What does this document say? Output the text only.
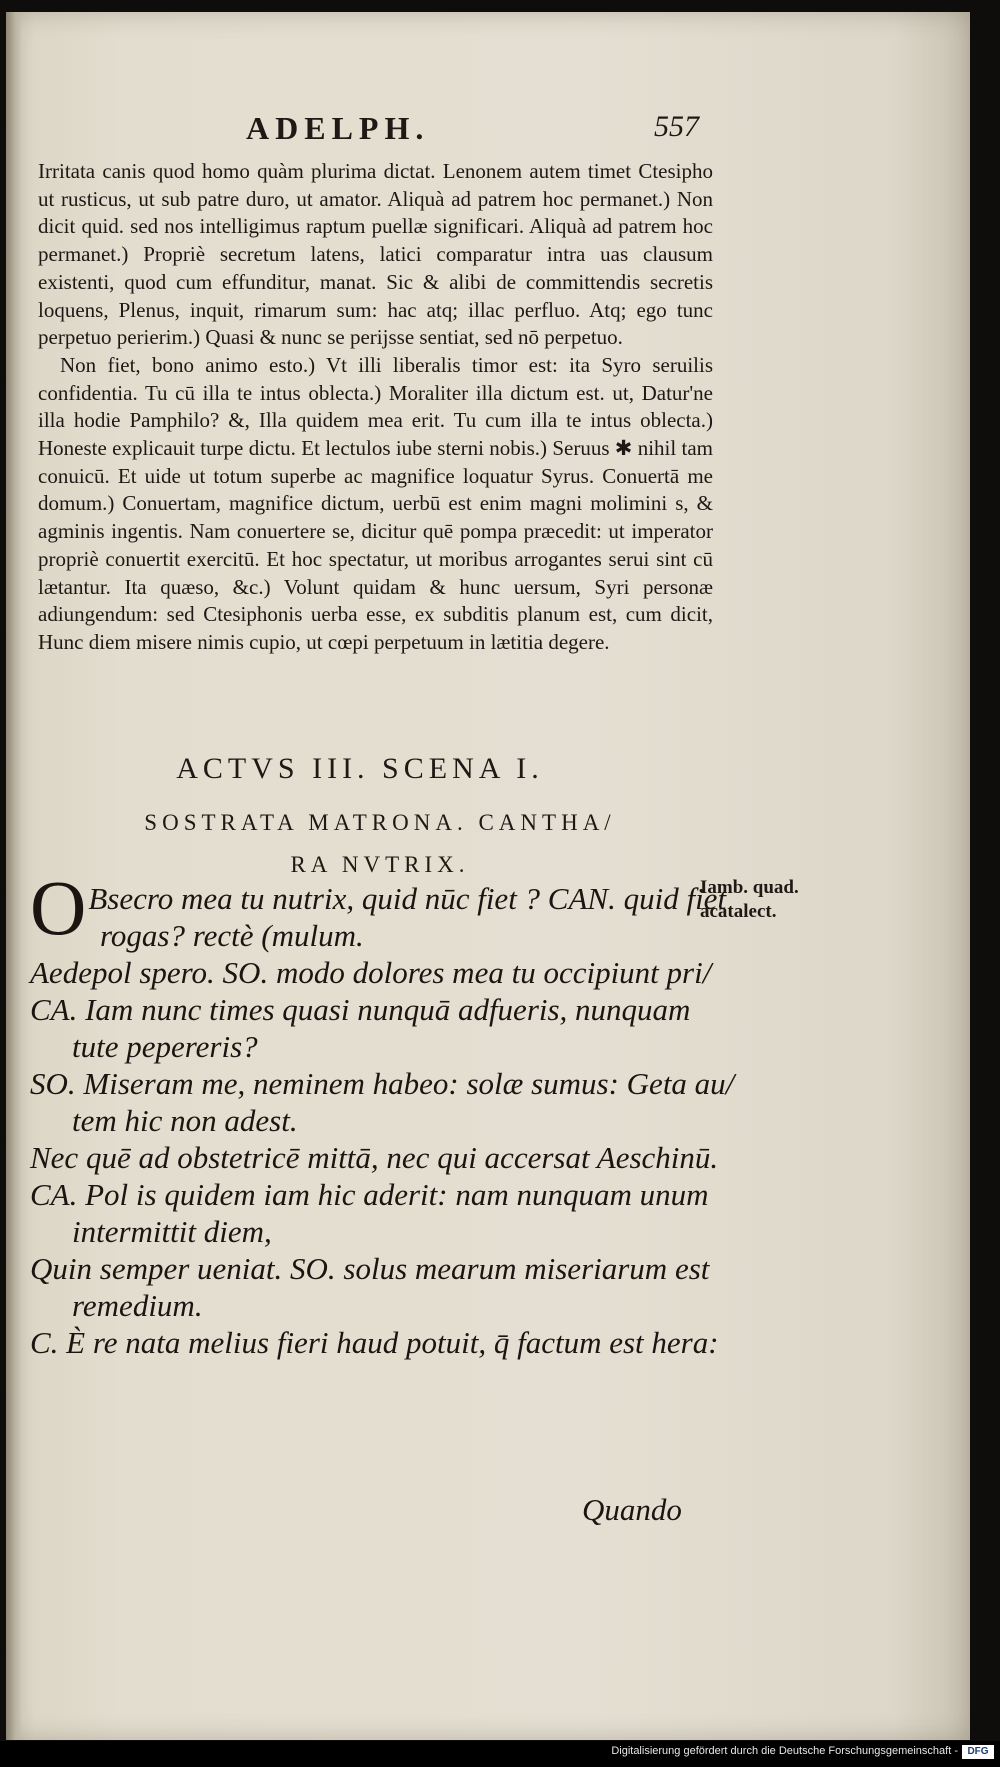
ADELPH.	557

Irritata canis quod homo quàm plurima dictat. Lenonem autem timet Ctesipho ut rusticus, ut sub patre duro, ut amator. Aliquà ad patrem hoc permanet.) Non dicit quid. sed nos intelligimus raptum puellæ significari. Aliquà ad patrem hoc permanet.) Propriè secretum latens, latici comparatur intra uas clausum existenti, quod cum effunditur, manat. Sic & alibi de committendis secretis loquens, Plenus, inquit, rimarum sum: hac atq; illac perfluo. Atq; ego tunc perpetuo perierim.) Quasi & nunc se perijsse sentiat, sed nō perpetuo.

Non fiet, bono animo esto.) Vt illi liberalis timor est: ita Syro seruilis confidentia. Tu cū illa te intus oblecta.) Moraliter illa dictum est. ut, Datur'ne illa hodie Pamphilo? &, Illa quidem mea erit. Tu cum illa te intus oblecta.) Honeste explicauit turpe dictu. Et lectulos iube sterni nobis.) Seruus ✱ nihil tam conuicū. Et uide ut totum superbe ac magnifice loquatur Syrus. Conuertā me domum.) Conuertam, magnifice dictum, uerbū est enim magni molimini s, & agminis ingentis. Nam conuertere se, dicitur quē pompa præcedit: ut imperator propriè conuertit exercitū. Et hoc spectatur, ut moribus arrogantes serui sint cū lætantur. Ita quæso, &c.) Volunt quidam & hunc uersum, Syri personæ adiungendum: sed Ctesiphonis uerba esse, ex subditis planum est, cum dicit, Hunc diem misere nimis cupio, ut cœpi perpetuum in lætitia degere.

ACTVS III. SCENA I.
SOSTRATA MATRONA. CANTHA/
RA NVTRIX.
Iamb. quad.
acatalect.
O Bsecro mea tu nutrix, quid nūc fiet ? CAN. quid fiet
rogas? rectè (mulum.
Aedepol spero. SO. modo dolores mea tu occipiunt pri/
CA. Iam nunc times quasi nunquā adfueris, nunquam
tute pepereris?
SO. Miseram me, neminem habeo: solæ sumus: Geta au/
tem hic non adest.
Nec quē ad obstetricē mittā, nec qui accersat Aeschinū.
CA. Pol is quidem iam hic aderit: nam nunquam unum
intermittit diem,
Quin semper ueniat. SO. solus mearum miseriarum est
remedium.
C. È re nata melius fieri haud potuit, q̄ factum est hera:
Quando
Digitalisierung gefördert durch die Deutsche Forschungsgemeinschaft - DFG
